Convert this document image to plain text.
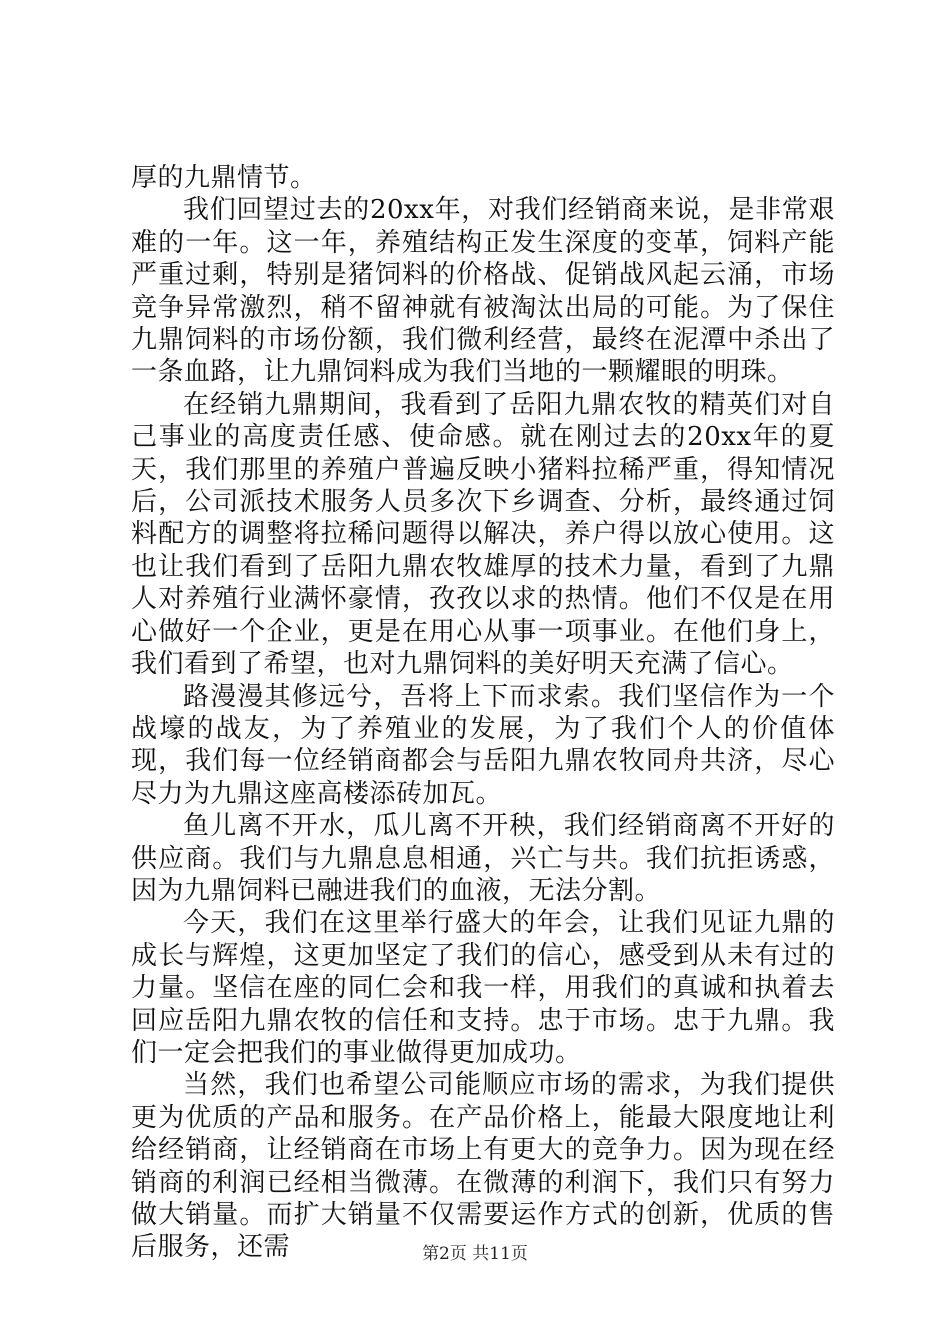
厚的九鼎情节。

我们回望过去的20xx年，对我们经销商来说，是非常艰难的一年。这一年，养殖结构正发生深度的变革，饲料产能严重过剩，特别是猪饲料的价格战、促销战风起云涌，市场竞争异常激烈，稍不留神就有被淘汰出局的可能。为了保住九鼎饲料的市场份额，我们微利经营，最终在泥潭中杀出了一条血路，让九鼎饲料成为我们当地的一颗耀眼的明珠。

在经销九鼎期间，我看到了岳阳九鼎农牧的精英们对自己事业的高度责任感、使命感。就在刚过去的20xx年的夏天，我们那里的养殖户普遍反映小猪料拉稀严重，得知情况后，公司派技术服务人员多次下乡调查、分析，最终通过饲料配方的调整将拉稀问题得以解决，养户得以放心使用。这也让我们看到了岳阳九鼎农牧雄厚的技术力量，看到了九鼎人对养殖行业满怀豪情，孜孜以求的热情。他们不仅是在用心做好一个企业，更是在用心从事一项事业。在他们身上，我们看到了希望，也对九鼎饲料的美好明天充满了信心。

路漫漫其修远兮，吾将上下而求索。我们坚信作为一个战壕的战友，为了养殖业的发展，为了我们个人的价值体现，我们每一位经销商都会与岳阳九鼎农牧同舟共济，尽心尽力为九鼎这座高楼添砖加瓦。

鱼儿离不开水，瓜儿离不开秧，我们经销商离不开好的供应商。我们与九鼎息息相通，兴亡与共。我们抗拒诱惑，因为九鼎饲料已融进我们的血液，无法分割。

今天，我们在这里举行盛大的年会，让我们见证九鼎的成长与辉煌，这更加坚定了我们的信心，感受到从未有过的力量。坚信在座的同仁会和我一样，用我们的真诚和执着去回应岳阳九鼎农牧的信任和支持。忠于市场。忠于九鼎。我们一定会把我们的事业做得更加成功。

当然，我们也希望公司能顺应市场的需求，为我们提供更为优质的产品和服务。在产品价格上，能最大限度地让利给经销商，让经销商在市场上有更大的竞争力。因为现在经销商的利润已经相当微薄。在微薄的利润下，我们只有努力做大销量。而扩大销量不仅需要运作方式的创新，优质的售后服务，还需	第2页 共11页
